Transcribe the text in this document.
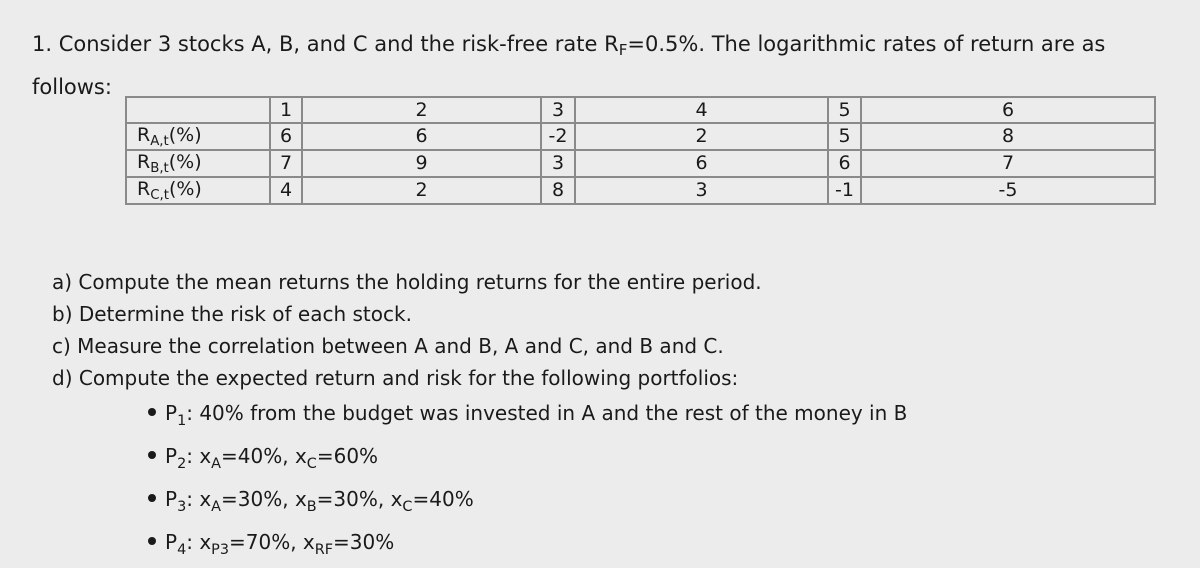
1. Consider 3 stocks A, B, and C and the risk-free rate $R_F=0.5\%$. The logarithmic rates of return are as
follows:
	1	2	3	4	5	6
$R_{A,t}(\%)$	6	6	-2	2	5	8
$R_{B,t}(\%)$	7	9	3	6	6	7
$R_{C,t}(\%)$	4	2	8	3	-1	-5
a) Compute the mean returns the holding returns for the entire period.
b) Determine the risk of each stock.
c) Measure the correlation between A and B, A and C, and B and C.
d) Compute the expected return and risk for the following portfolios:
$P_1$: 40% from the budget was invested in A and the rest of the money in B
$P_2$: $x_A=40\%$, $x_C=60\%$
$P_3$: $x_A=30\%$, $x_B=30\%$, $x_C=40\%$
$P_4$: $x_{P3}=70\%$, $x_{RF}=30\%$
